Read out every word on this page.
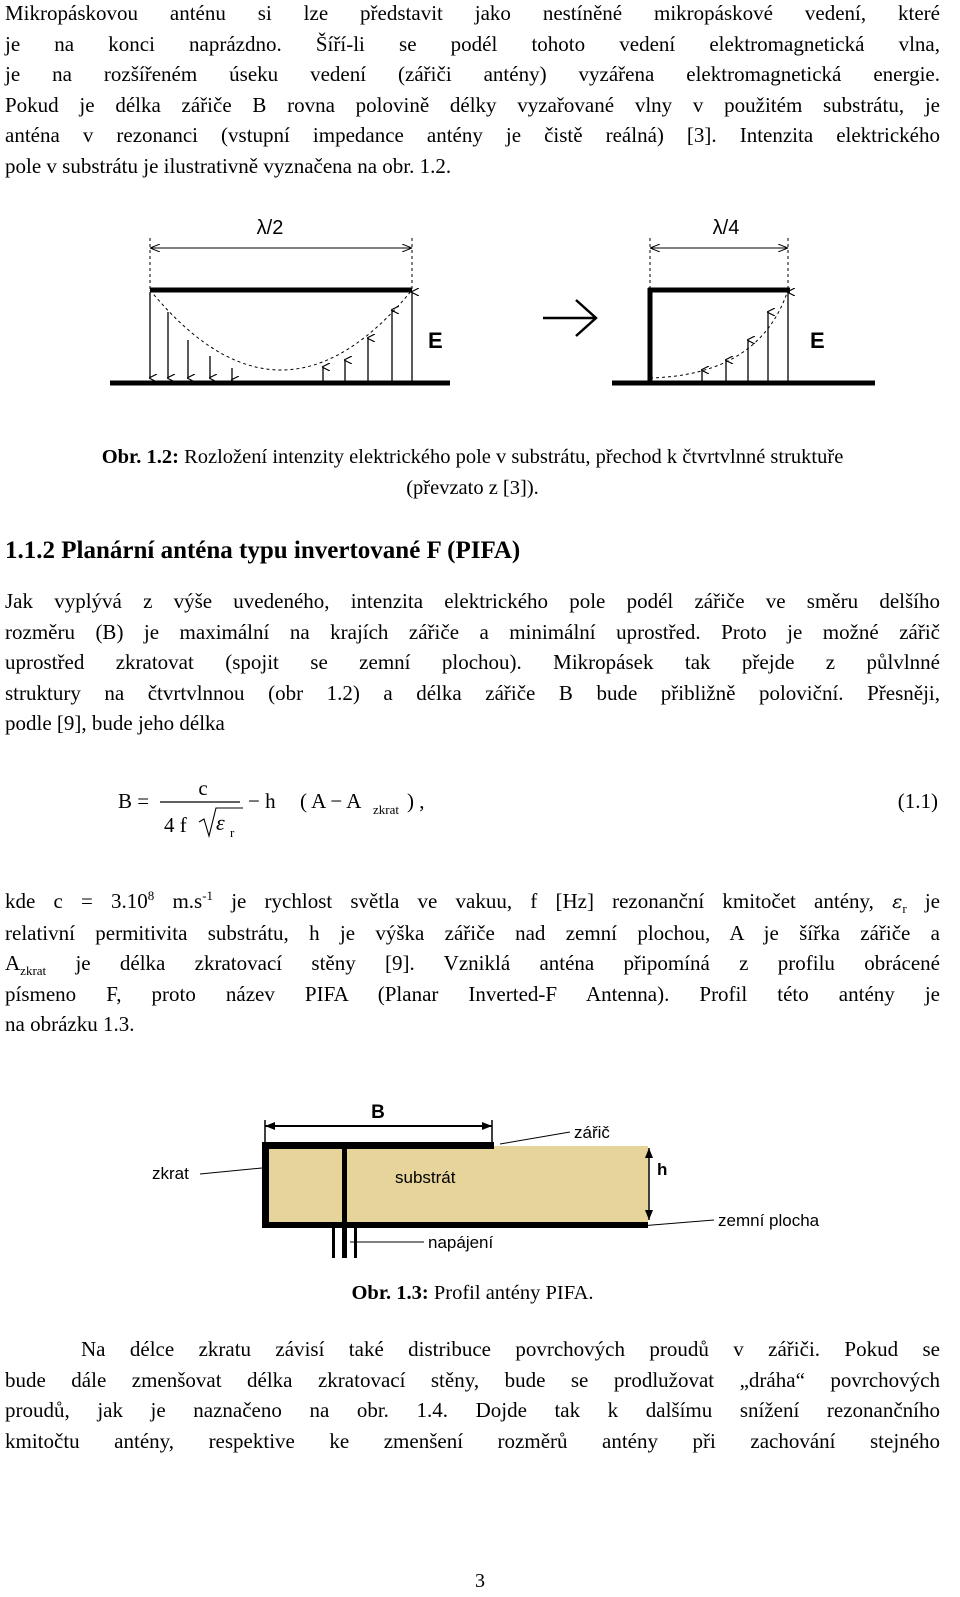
Mikropáskovou anténu si lze představit jako nestíněné mikropáskové vedení, které
je na konci naprázdno. Šíří-li se podél tohoto vedení elektromagnetická vlna,
je na rozšířeném úseku vedení (zářiči antény) vyzářena elektromagnetická energie.
Pokud je délka zářiče B rovna polovině délky vyzařované vlny v použitém substrátu, je
anténa v rezonanci (vstupní impedance antény je čistě reálná) [3]. Intenzita elektrického
pole v substrátu je ilustrativně vyznačena na obr. 1.2.
λ/2
E
λ/4
E
Obr. 1.2: Rozložení intenzity elektrického pole v substrátu, přechod k čtvrtvlnné struktuře
(převzato z [3]).
1.1.2 Planární anténa typu invertované F (PIFA)
Jak vyplývá z výše uvedeného, intenzita elektrického pole podél zářiče ve směru delšího
rozměru (B) je maximální na krajích zářiče a minimální uprostřed. Proto je možné zářič
uprostřed zkratovat (spojit se zemní plochou). Mikropásek tak přejde z půlvlnné
struktury na čtvrtvlnnou (obr 1.2) a délka zářiče B bude přibližně poloviční. Přesněji,
podle [9], bude jeho délka
B =
c
4 f ε r
− h ( A − A zkrat ) ,	(1.1)
kde $c = 3.10^8$ $m.s^{-1}$ je rychlost světla ve vakuu, f [Hz] rezonanční kmitočet antény, $\varepsilon_r$ je
relativní permitivita substrátu, h je výška zářiče nad zemní plochou, A je šířka zářiče a
$A_{zkrat}$ je délka zkratovací stěny [9]. Vzniklá anténa připomíná z profilu obrácené
písmeno F, proto název PIFA (Planar Inverted-F Antenna). Profil této antény je
na obrázku 1.3.
B
zářič
zkrat	substrát	h
zemní plocha
napájení
Obr. 1.3: Profil antény PIFA.
Na délce zkratu závisí také distribuce povrchových proudů v zářiči. Pokud se
bude dále zmenšovat délka zkratovací stěny, bude se prodlužovat „dráha“ povrchových
proudů, jak je naznačeno na obr. 1.4. Dojde tak k dalšímu snížení rezonančního
kmitočtu antény, respektive ke zmenšení rozměrů antény při zachování stejného
3
